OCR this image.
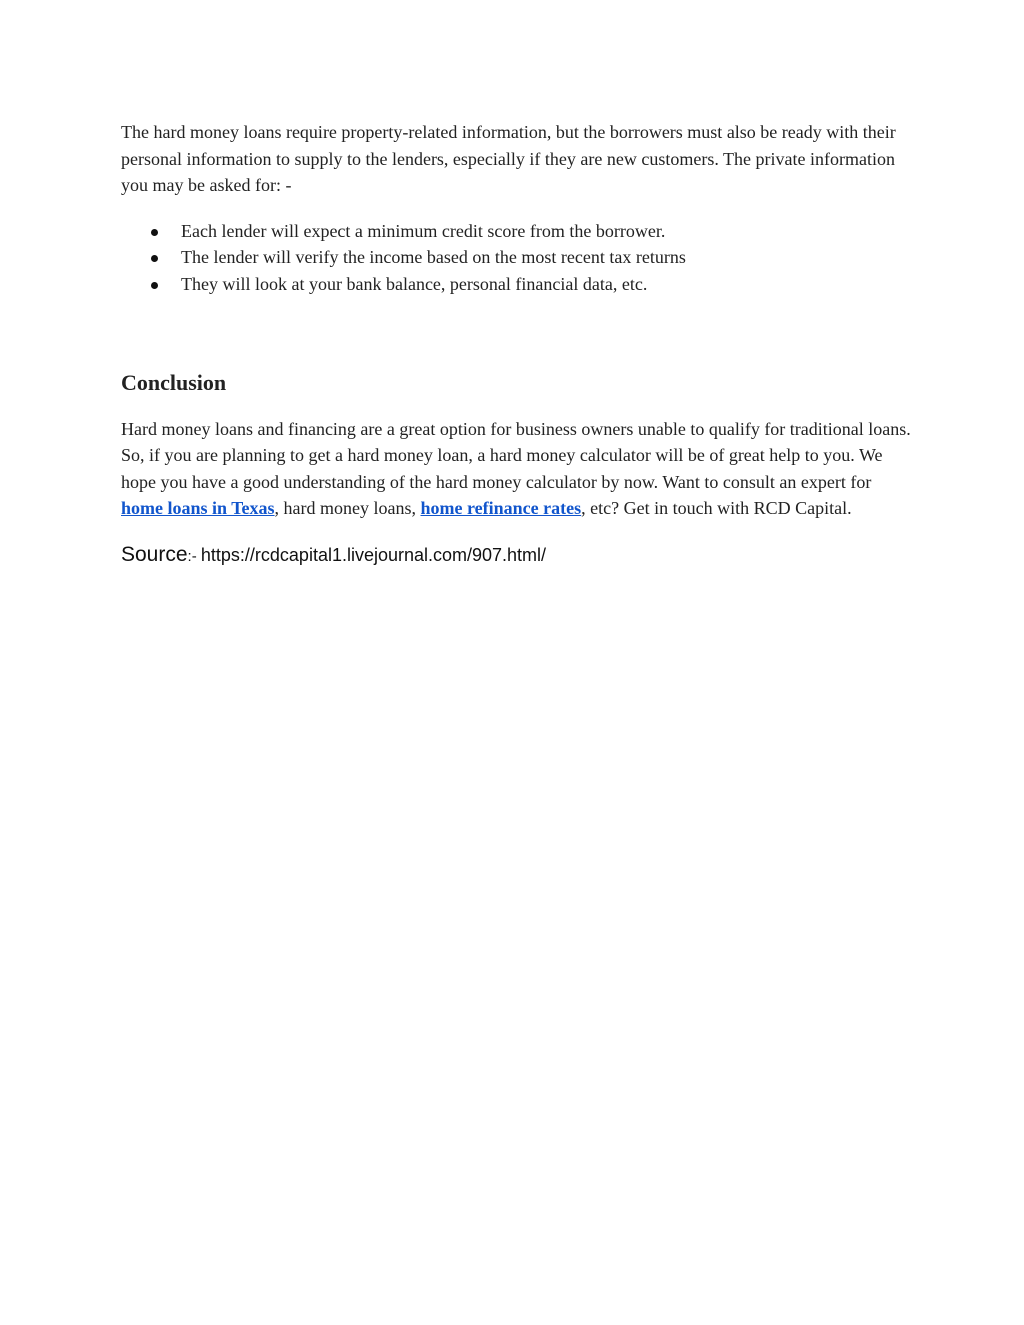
The hard money loans require property-related information, but the borrowers must also be ready with their personal information to supply to the lenders, especially if they are new customers. The private information you may be asked for: -

Each lender will expect a minimum credit score from the borrower.
The lender will verify the income based on the most recent tax returns
They will look at your bank balance, personal financial data, etc.
Conclusion

Hard money loans and financing are a great option for business owners unable to qualify for traditional loans. So, if you are planning to get a hard money loan, a hard money calculator will be of great help to you. We hope you have a good understanding of the hard money calculator by now. Want to consult an expert for home loans in Texas, hard money loans, home refinance rates, etc? Get in touch with RCD Capital.

Source:- https://rcdcapital1.livejournal.com/907.html/
